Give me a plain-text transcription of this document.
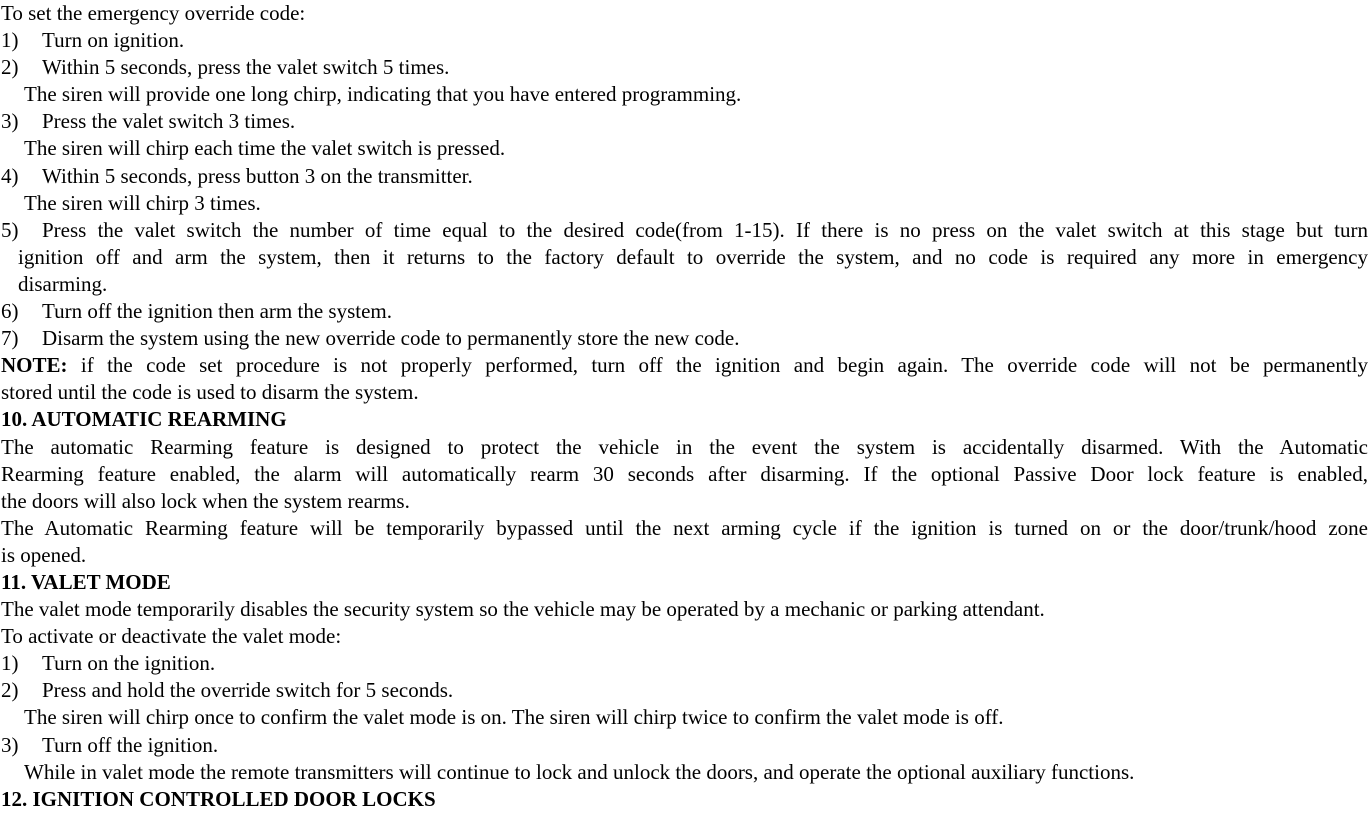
To set the emergency override code:
1) Turn on ignition.
2) Within 5 seconds, press the valet switch 5 times.
The siren will provide one long chirp, indicating that you have entered programming.
3) Press the valet switch 3 times.
The siren will chirp each time the valet switch is pressed.
4) Within 5 seconds, press button 3 on the transmitter.
The siren will chirp 3 times.
5) Press the valet switch the number of time equal to the desired code(from 1-15). If there is no press on the valet switch at this stage but turn
ignition off and arm the system, then it returns to the factory default to override the system, and no code is required any more in emergency
disarming.
6) Turn off the ignition then arm the system.
7) Disarm the system using the new override code to permanently store the new code.
NOTE: if the code set procedure is not properly performed, turn off the ignition and begin again. The override code will not be permanently
stored until the code is used to disarm the system.
10. AUTOMATIC REARMING
The automatic Rearming feature is designed to protect the vehicle in the event the system is accidentally disarmed. With the Automatic
Rearming feature enabled, the alarm will automatically rearm 30 seconds after disarming. If the optional Passive Door lock feature is enabled,
the doors will also lock when the system rearms.
The Automatic Rearming feature will be temporarily bypassed until the next arming cycle if the ignition is turned on or the door/trunk/hood zone
is opened.
11. VALET MODE
The valet mode temporarily disables the security system so the vehicle may be operated by a mechanic or parking attendant.
To activate or deactivate the valet mode:
1) Turn on the ignition.
2) Press and hold the override switch for 5 seconds.
The siren will chirp once to confirm the valet mode is on. The siren will chirp twice to confirm the valet mode is off.
3) Turn off the ignition.
While in valet mode the remote transmitters will continue to lock and unlock the doors, and operate the optional auxiliary functions.
12. IGNITION CONTROLLED DOOR LOCKS
